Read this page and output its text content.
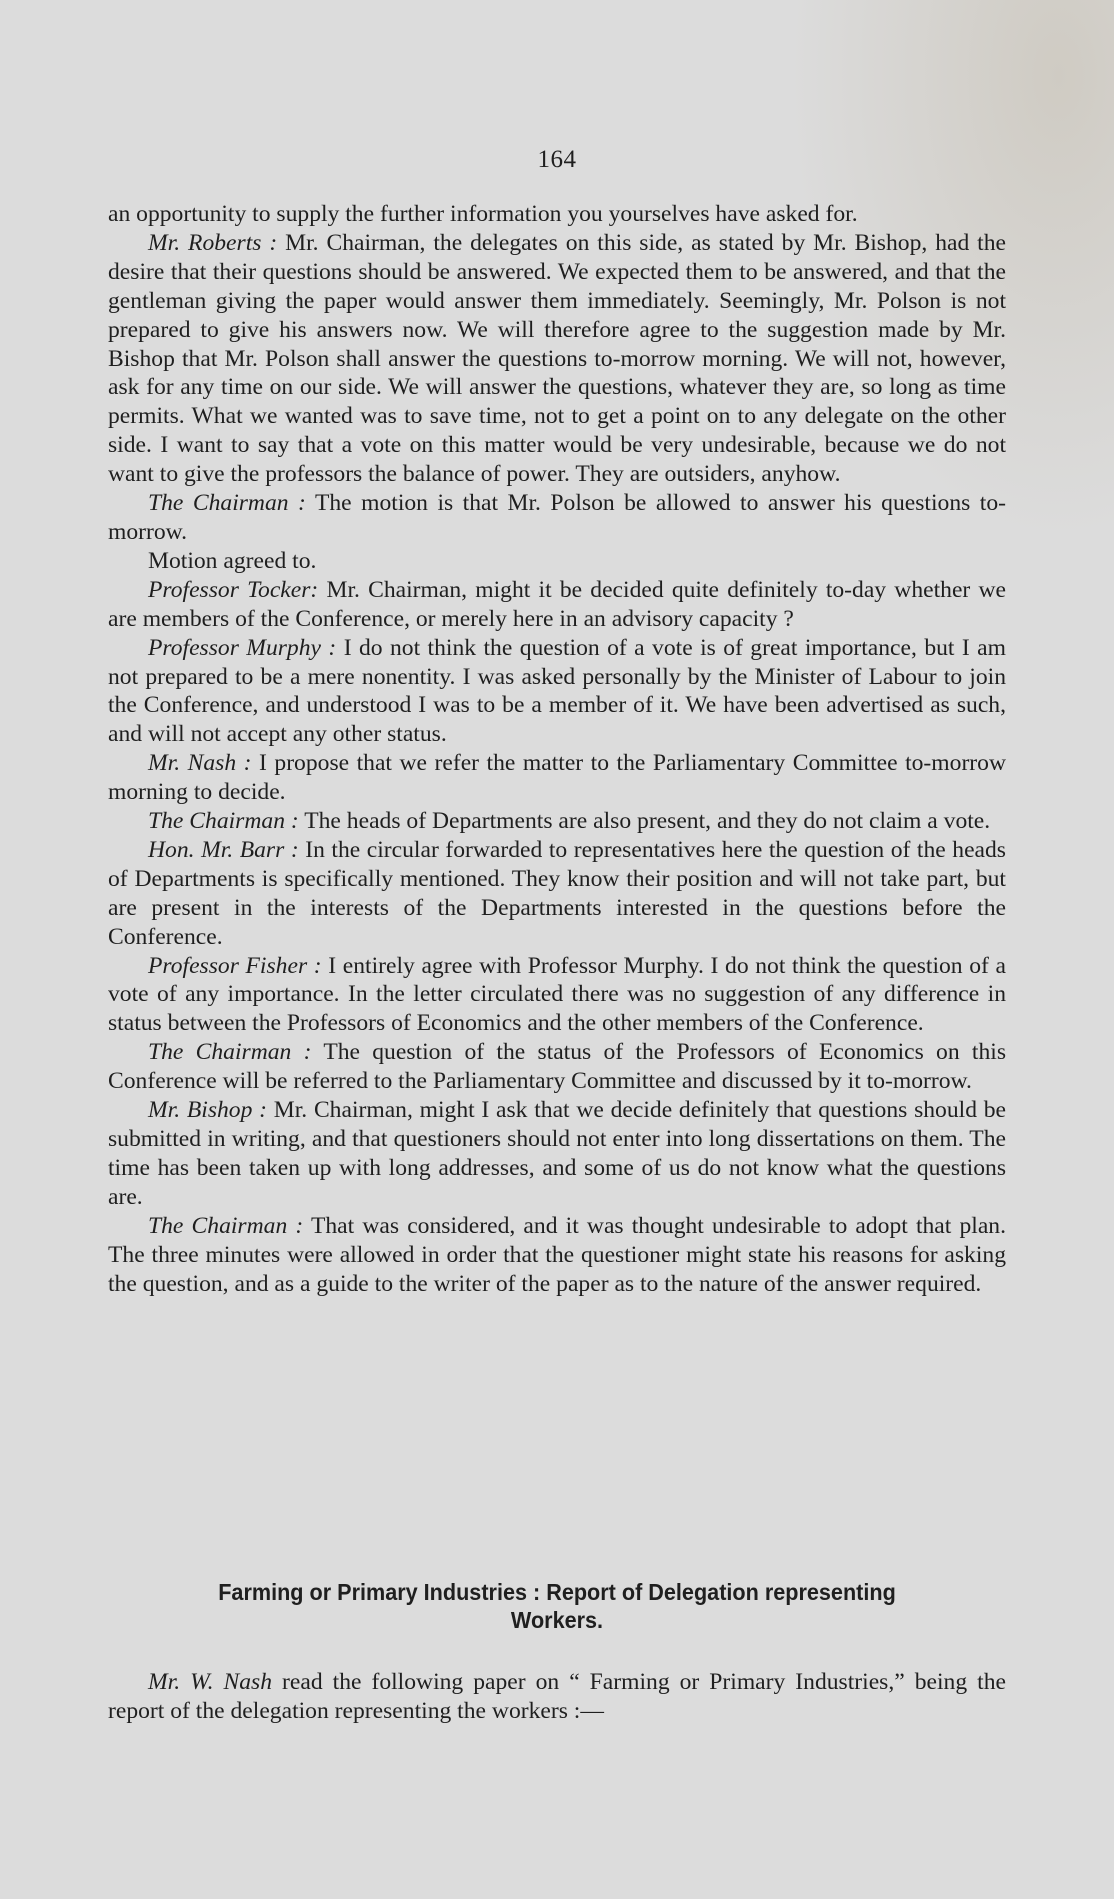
164

an opportunity to supply the further information you yourselves have asked for.

Mr. Roberts : Mr. Chairman, the delegates on this side, as stated by Mr. Bishop, had the desire that their questions should be answered. We expected them to be answered, and that the gentleman giving the paper would answer them immediately. Seemingly, Mr. Polson is not prepared to give his answers now. We will therefore agree to the suggestion made by Mr. Bishop that Mr. Polson shall answer the questions to-morrow morning. We will not, however, ask for any time on our side. We will answer the questions, whatever they are, so long as time permits. What we wanted was to save time, not to get a point on to any delegate on the other side. I want to say that a vote on this matter would be very undesirable, because we do not want to give the professors the balance of power. They are outsiders, anyhow.

The Chairman : The motion is that Mr. Polson be allowed to answer his questions to-morrow.

Motion agreed to.

Professor Tocker: Mr. Chairman, might it be decided quite definitely to-day whether we are members of the Conference, or merely here in an advisory capacity ?

Professor Murphy : I do not think the question of a vote is of great importance, but I am not prepared to be a mere nonentity. I was asked personally by the Minister of Labour to join the Conference, and understood I was to be a member of it. We have been advertised as such, and will not accept any other status.

Mr. Nash : I propose that we refer the matter to the Parliamentary Committee to-morrow morning to decide.

The Chairman : The heads of Departments are also present, and they do not claim a vote.

Hon. Mr. Barr : In the circular forwarded to representatives here the question of the heads of Departments is specifically mentioned. They know their position and will not take part, but are present in the interests of the Departments interested in the questions before the Conference.

Professor Fisher : I entirely agree with Professor Murphy. I do not think the question of a vote of any importance. In the letter circulated there was no suggestion of any difference in status between the Professors of Economics and the other members of the Conference.

The Chairman : The question of the status of the Professors of Economics on this Conference will be referred to the Parliamentary Committee and discussed by it to-morrow.

Mr. Bishop : Mr. Chairman, might I ask that we decide definitely that questions should be submitted in writing, and that questioners should not enter into long dissertations on them. The time has been taken up with long addresses, and some of us do not know what the questions are.

The Chairman : That was considered, and it was thought undesirable to adopt that plan. The three minutes were allowed in order that the questioner might state his reasons for asking the question, and as a guide to the writer of the paper as to the nature of the answer required.

Farming or Primary Industries : Report of Delegation representing
Workers.

Mr. W. Nash read the following paper on “ Farming or Primary Industries,” being the report of the delegation representing the workers :—
